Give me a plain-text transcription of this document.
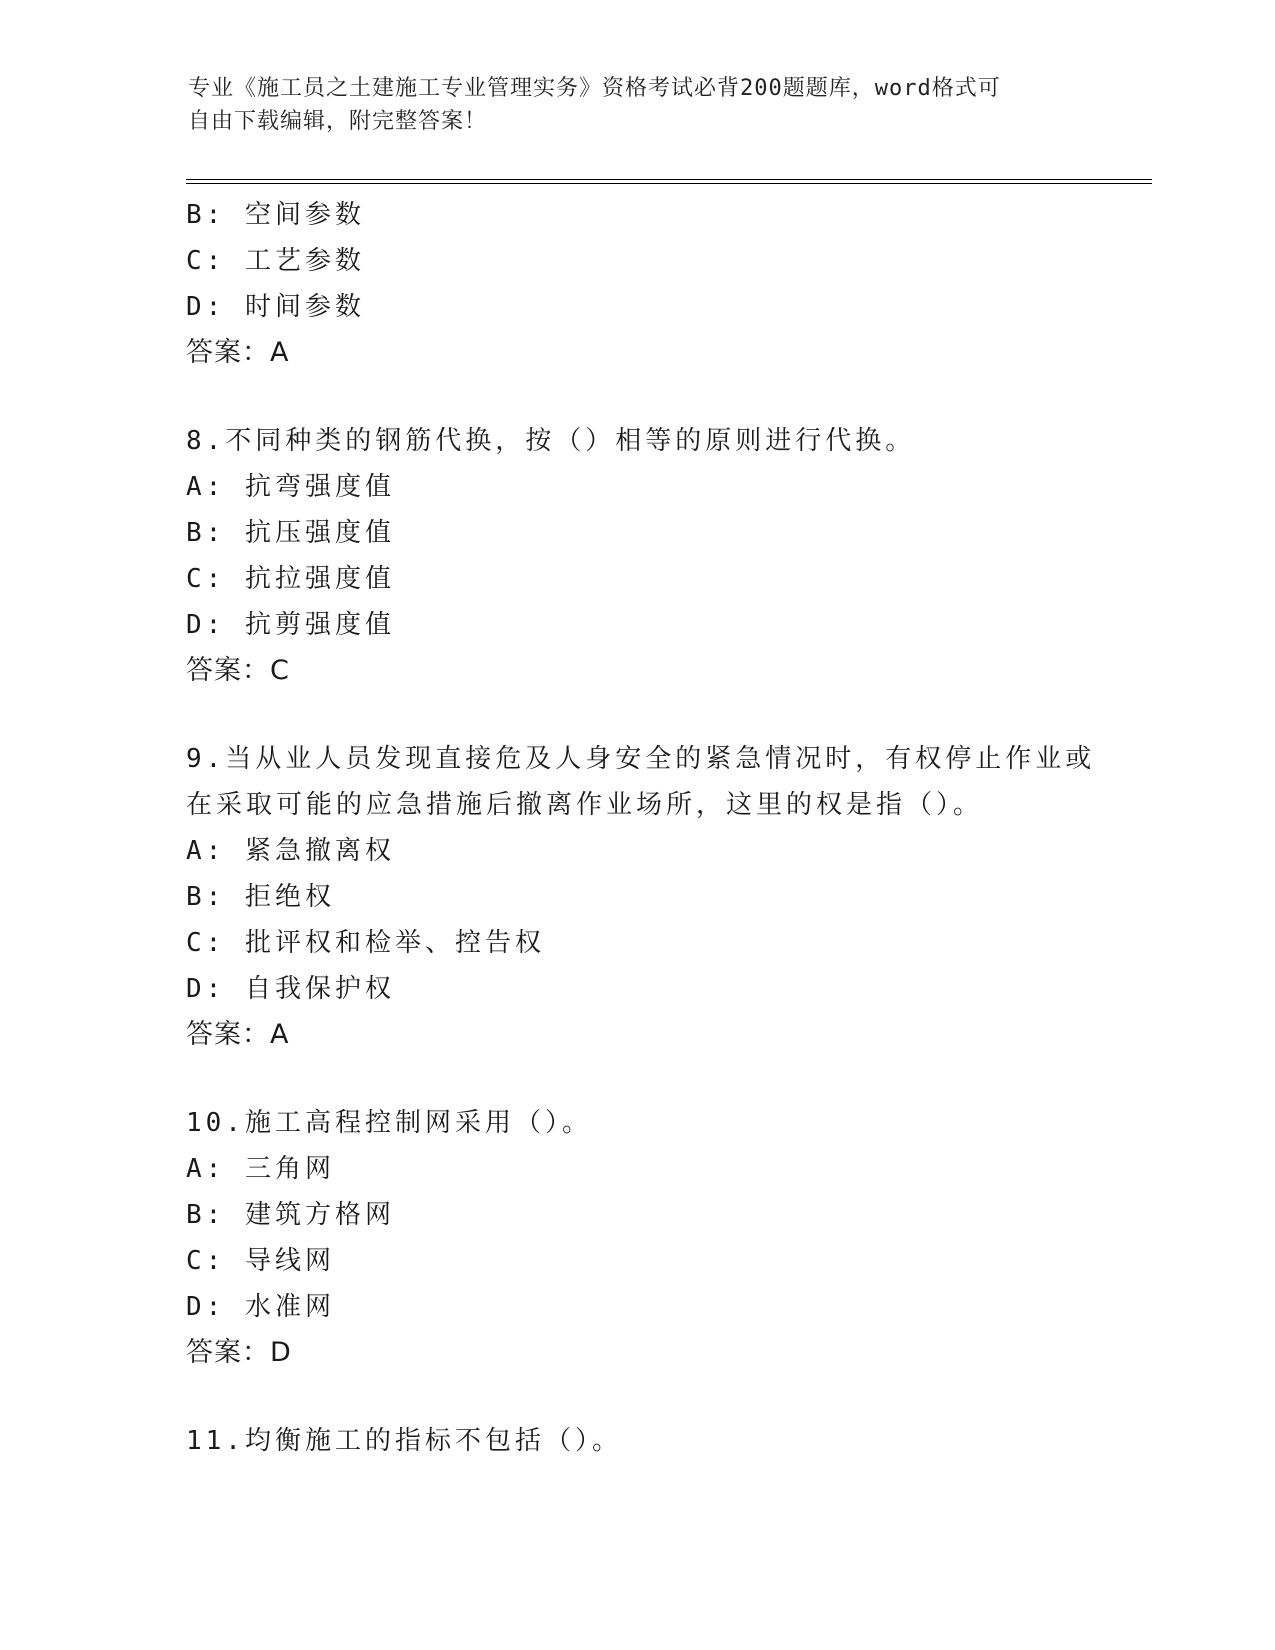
专业《施工员之土建施工专业管理实务》资格考试必背200题题库，word格式可
自由下载编辑，附完整答案！
B: 空间参数
C: 工艺参数
D: 时间参数
答案：A
8.不同种类的钢筋代换，按（）相等的原则进行代换。
A: 抗弯强度值
B: 抗压强度值
C: 抗拉强度值
D: 抗剪强度值
答案：C
9.当从业人员发现直接危及人身安全的紧急情况时，有权停止作业或
在采取可能的应急措施后撤离作业场所，这里的权是指（）。
A: 紧急撤离权
B: 拒绝权
C: 批评权和检举、控告权
D: 自我保护权
答案：A
10.施工高程控制网采用（）。
A: 三角网
B: 建筑方格网
C: 导线网
D: 水准网
答案：D
11.均衡施工的指标不包括（）。
